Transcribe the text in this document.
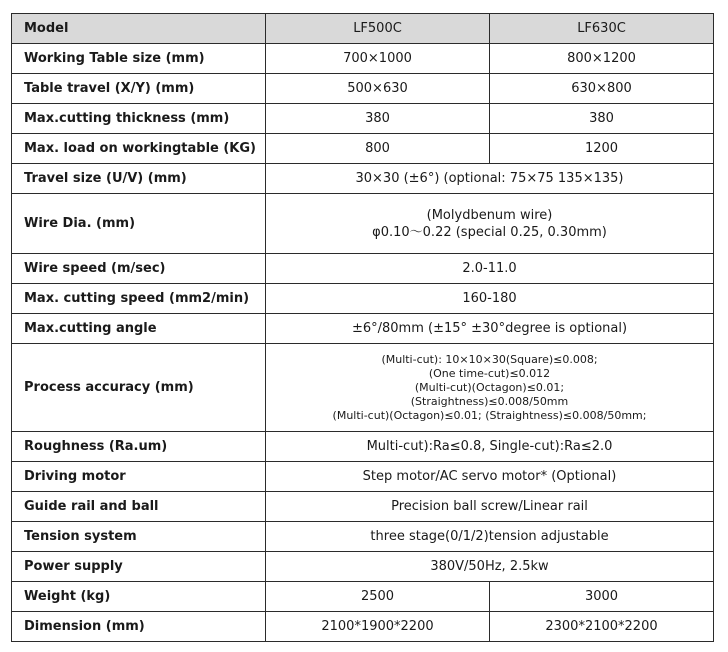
Model	LF500C	LF630C
Working Table size (mm)	700×1000	800×1200
Table travel (X/Y) (mm)	500×630	630×800
Max.cutting thickness (mm)	380	380
Max. load on workingtable (KG)	800	1200
Travel size (U/V) (mm)	30×30 (±6°) (optional: 75×75 135×135)	
Wire Dia. (mm)	(Molydbenum wire)
φ0.10～0.22 (special 0.25, 0.30mm)	

Wire speed (m/sec)	2.0-11.0	
Max. cutting speed (mm2/min)	160-180	
Max.cutting angle	±6°/80mm (±15° ±30°degree is optional)	
Process accuracy (mm)	(Multi-cut): 10×10×30(Square)≤0.008;
(One time-cut)≤0.012
(Multi-cut)(Octagon)≤0.01;
(Straightness)≤0.008/50mm
(Multi-cut)(Octagon)≤0.01; (Straightness)≤0.008/50mm;	

Roughness (Ra.um)	Multi-cut):Ra≤0.8, Single-cut):Ra≤2.0	
Driving motor	Step motor/AC servo motor* (Optional)	
Guide rail and ball	Precision ball screw/Linear rail	
Tension system	three stage(0/1/2)tension adjustable	
Power supply	380V/50Hz, 2.5kw	
Weight (kg)	2500	3000
Dimension (mm)	2100*1900*2200	2300*2100*2200
